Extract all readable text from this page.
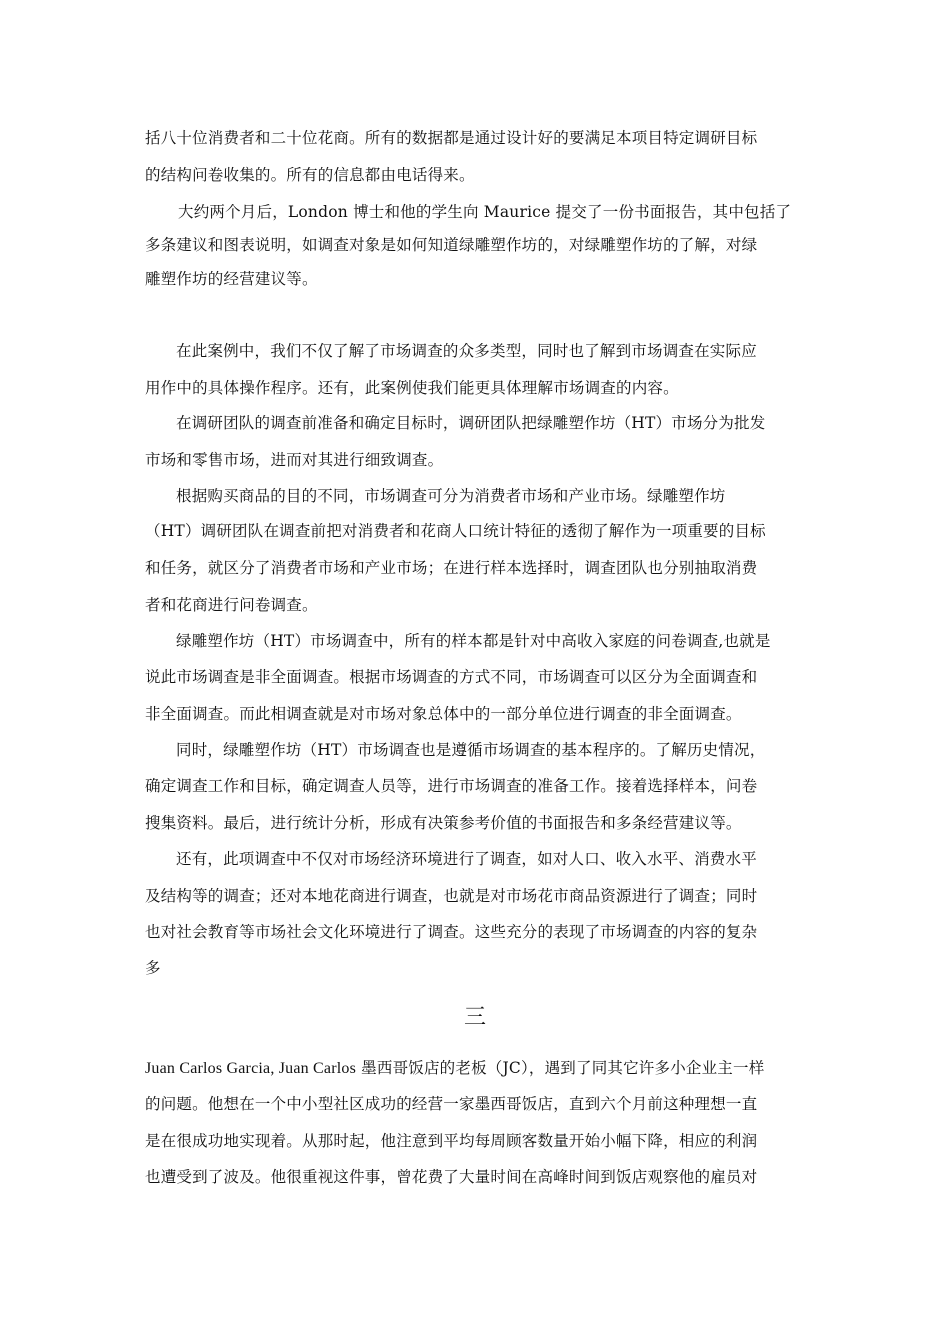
括八十位消费者和二十位花商。所有的数据都是通过设计好的要满足本项目特定调研目标
的结构问卷收集的。所有的信息都由电话得来。
大约两个月后，London 博士和他的学生向 Maurice 提交了一份书面报告，其中包括了
多条建议和图表说明，如调查对象是如何知道绿雕塑作坊的，对绿雕塑作坊的了解，对绿
雕塑作坊的经营建议等。
在此案例中，我们不仅了解了市场调查的众多类型，同时也了解到市场调查在实际应
用作中的具体操作程序。还有，此案例使我们能更具体理解市场调查的内容。
在调研团队的调查前准备和确定目标时，调研团队把绿雕塑作坊（HT）市场分为批发
市场和零售市场，进而对其进行细致调查。
根据购买商品的目的不同，市场调查可分为消费者市场和产业市场。绿雕塑作坊
（HT）调研团队在调查前把对消费者和花商人口统计特征的透彻了解作为一项重要的目标
和任务，就区分了消费者市场和产业市场；在进行样本选择时，调查团队也分别抽取消费
者和花商进行问卷调查。
绿雕塑作坊（HT）市场调查中，所有的样本都是针对中高收入家庭的问卷调查,也就是
说此市场调查是非全面调查。根据市场调查的方式不同，市场调查可以区分为全面调查和
非全面调查。而此相调查就是对市场对象总体中的一部分单位进行调查的非全面调查。
同时，绿雕塑作坊（HT）市场调查也是遵循市场调查的基本程序的。了解历史情况，
确定调查工作和目标，确定调查人员等，进行市场调查的准备工作。接着选择样本，问卷
搜集资料。最后，进行统计分析，形成有决策参考价值的书面报告和多条经营建议等。
还有，此项调查中不仅对市场经济环境进行了调查，如对人口、收入水平、消费水平
及结构等的调查；还对本地花商进行调查，也就是对市场花市商品资源进行了调查；同时
也对社会教育等市场社会文化环境进行了调查。这些充分的表现了市场调查的内容的复杂
多
三
Juan Carlos Garcia, Juan Carlos 墨西哥饭店的老板（JC），遇到了同其它许多小企业主一样
的问题。他想在一个中小型社区成功的经营一家墨西哥饭店，直到六个月前这种理想一直
是在很成功地实现着。从那时起，他注意到平均每周顾客数量开始小幅下降，相应的利润
也遭受到了波及。他很重视这件事，曾花费了大量时间在高峰时间到饭店观察他的雇员对
